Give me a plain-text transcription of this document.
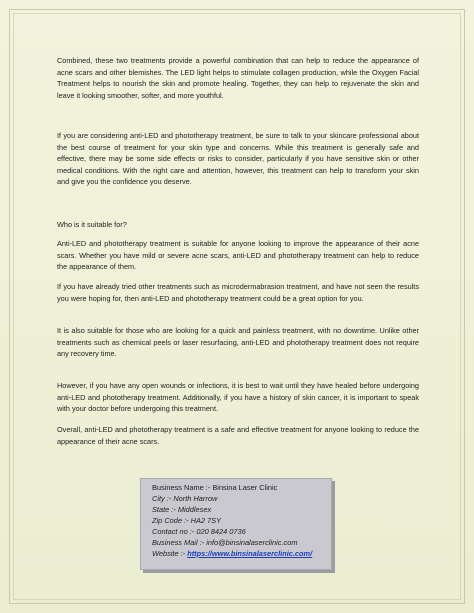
Combined, these two treatments provide a powerful combination that can help to reduce the appearance of acne scars and other blemishes. The LED light helps to stimulate collagen production, while the Oxygen Facial Treatment helps to nourish the skin and promote healing. Together, they can help to rejuvenate the skin and leave it looking smoother, softer, and more youthful.

If you are considering anti-LED and phototherapy treatment, be sure to talk to your skincare professional about the best course of treatment for your skin type and concerns. While this treatment is generally safe and effective, there may be some side effects or risks to consider, particularly if you have sensitive skin or other medical conditions. With the right care and attention, however, this treatment can help to transform your skin and give you the confidence you deserve.

Who is it suitable for?

Anti-LED and phototherapy treatment is suitable for anyone looking to improve the appearance of their acne scars. Whether you have mild or severe acne scars, anti-LED and phototherapy treatment can help to reduce the appearance of them.

If you have already tried other treatments such as microdermabrasion treatment, and have not seen the results you were hoping for, then anti-LED and phototherapy treatment could be a great option for you.

It is also suitable for those who are looking for a quick and painless treatment, with no downtime. Unlike other treatments such as chemical peels or laser resurfacing, anti-LED and phototherapy treatment does not require any recovery time.

However, if you have any open wounds or infections, it is best to wait until they have healed before undergoing anti-LED and phototherapy treatment. Additionally, if you have a history of skin cancer, it is important to speak with your doctor before undergoing this treatment.

Overall, anti-LED and phototherapy treatment is a safe and effective treatment for anyone looking to reduce the appearance of their acne scars.

Business Name :- Binsina Laser Clinic
City :- North Harrow
State :- Middlesex
Zip Code :- HA2 7SY
Contact no :- 020 8424 0736
Business Mail :- info@binsinalaserclinic.com
Website :- https://www.binsinalaserclinic.com/
